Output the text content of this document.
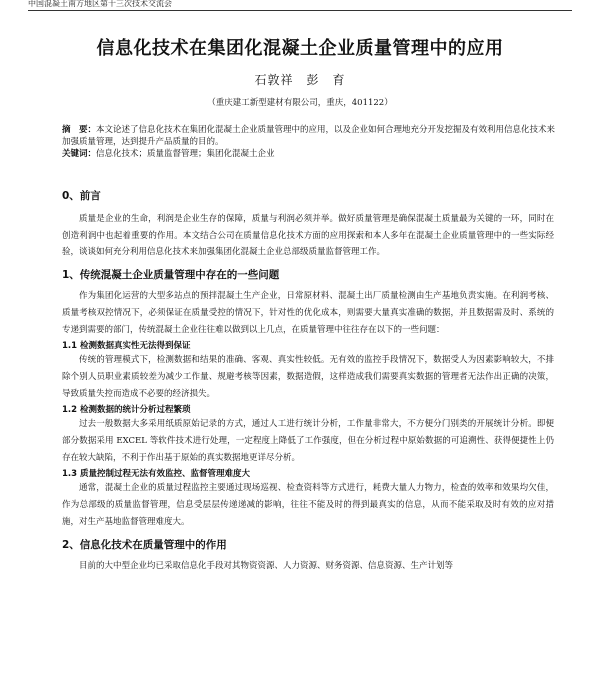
中国混凝土南方地区第十三次技术交流会
信息化技术在集团化混凝土企业质量管理中的应用
石敦祥　彭　育
（重庆建工新型建材有限公司，重庆，401122）

摘　要：本文论述了信息化技术在集团化混凝土企业质量管理中的应用，以及企业如何合理地充分开发挖掘及有效利用信息化技术来加强质量管理，达到提升产品质量的目的。

关键词：信息化技术；质量监督管理；集团化混凝土企业

0、前言

质量是企业的生命，利润是企业生存的保障，质量与利润必须并举。做好质量管理是确保混凝土质量最为关键的一环，同时在创造利润中也起着重要的作用。本文结合公司在质量信息化技术方面的应用探索和本人多年在混凝土企业质量管理中的一些实际经验，谈谈如何充分利用信息化技术来加强集团化混凝土企业总部级质量监督管理工作。

1、传统混凝土企业质量管理中存在的一些问题

作为集团化运营的大型多站点的预拌混凝土生产企业，日常原材料、混凝土出厂质量检测由生产基地负责实施。在利润考核、质量考核双控情况下，必须保证在质量受控的情况下，针对性的优化成本，则需要大量真实准确的数据，并且数据需及时、系统的专递到需要的部门，传统混凝土企业往往难以做到以上几点，在质量管理中往往存在以下的一些问题：

1.1 检测数据真实性无法得到保证

传统的管理模式下，检测数据和结果的准确、客观、真实性较低。无有效的监控手段情况下，数据受人为因素影响较大，不排除个别人员职业素质较差为减少工作量、规避考核等因素，数据造假，这样造成我们需要真实数据的管理者无法作出正确的决策，导致质量失控而造成不必要的经济损失。

1.2 检测数据的统计分析过程繁琐

过去一般数据大多采用纸质原始记录的方式，通过人工进行统计分析，工作量非常大，不方便分门别类的开展统计分析。即便部分数据采用 EXCEL 等软件技术进行处理，一定程度上降低了工作强度，但在分析过程中原始数据的可追溯性、获得便捷性上仍存在较大缺陷，不利于作出基于原始的真实数据地更详尽分析。

1.3 质量控制过程无法有效监控、监督管理难度大

通常，混凝土企业的质量过程监控主要通过现场巡视、检查资料等方式进行，耗费大量人力物力，检查的效率和效果均欠佳，作为总部级的质量监督管理，信息受层层传递递减的影响，往往不能及时的得到最真实的信息，从而不能采取及时有效的应对措施，对生产基地监督管理难度大。

2、信息化技术在质量管理中的作用

目前的大中型企业均已采取信息化手段对其物资资源、人力资源、财务资源、信息资源、生产计划等
